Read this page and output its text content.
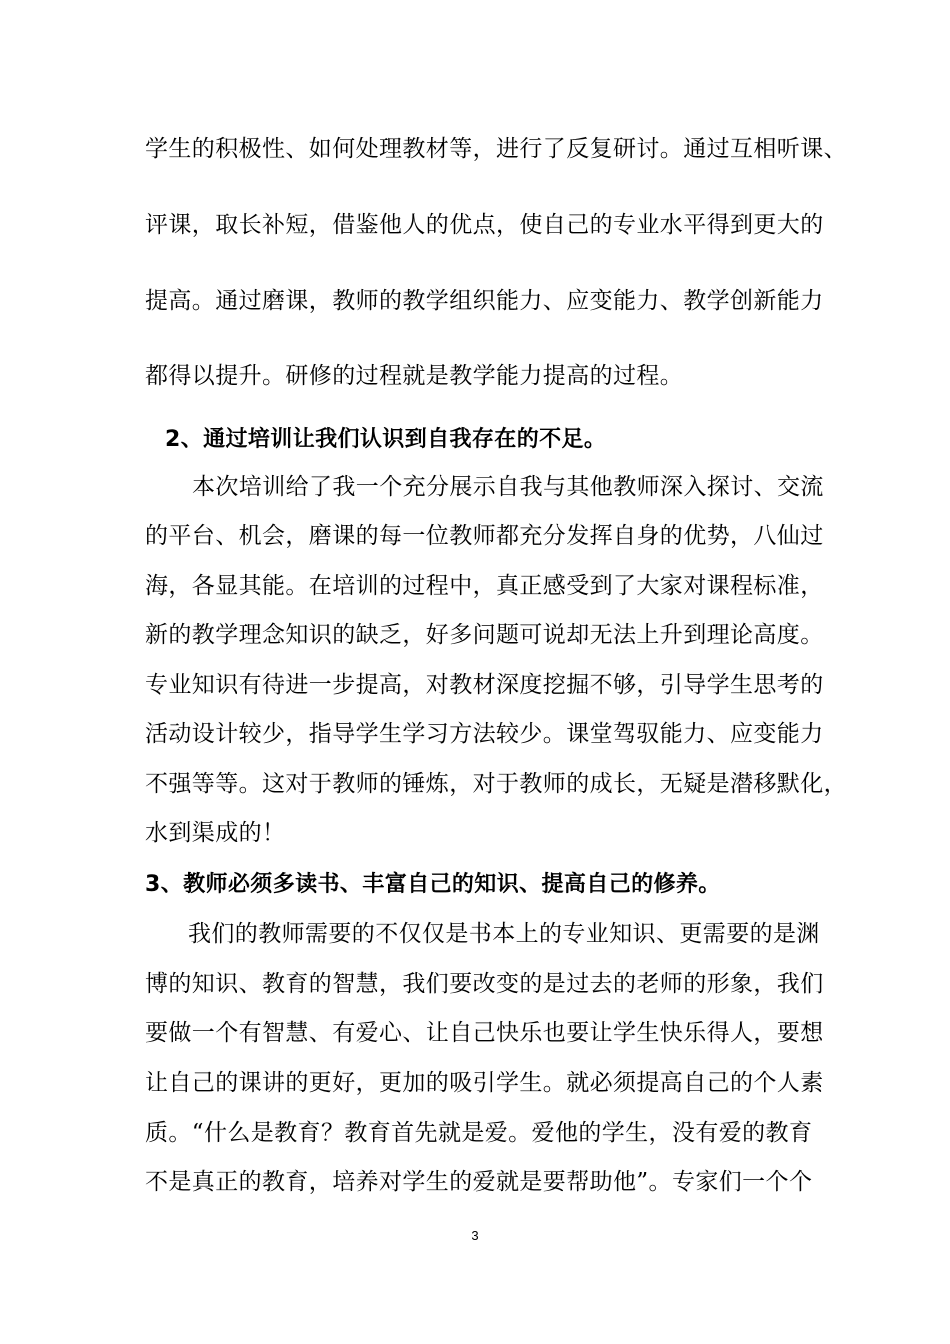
学生的积极性、如何处理教材等，进行了反复研讨。通过互相听课、
评课，取长补短，借鉴他人的优点，使自己的专业水平得到更大的
提高。通过磨课，教师的教学组织能力、应变能力、教学创新能力
都得以提升。研修的过程就是教学能力提高的过程。
2、通过培训让我们认识到自我存在的不足。
本次培训给了我一个充分展示自我与其他教师深入探讨、交流
的平台、机会，磨课的每一位教师都充分发挥自身的优势，八仙过
海，各显其能。在培训的过程中，真正感受到了大家对课程标准，
新的教学理念知识的缺乏，好多问题可说却无法上升到理论高度。
专业知识有待进一步提高，对教材深度挖掘不够，引导学生思考的
活动设计较少，指导学生学习方法较少。课堂驾驭能力、应变能力
不强等等。这对于教师的锤炼，对于教师的成长，无疑是潜移默化，
水到渠成的！
3、教师必须多读书、丰富自己的知识、提高自己的修养。
我们的教师需要的不仅仅是书本上的专业知识、更需要的是渊
博的知识、教育的智慧，我们要改变的是过去的老师的形象，我们
要做一个有智慧、有爱心、让自己快乐也要让学生快乐得人，要想
让自己的课讲的更好，更加的吸引学生。就必须提高自己的个人素
质。“什么是教育？教育首先就是爱。爱他的学生，没有爱的教育
不是真正的教育，培养对学生的爱就是要帮助他”。专家们一个个
3
